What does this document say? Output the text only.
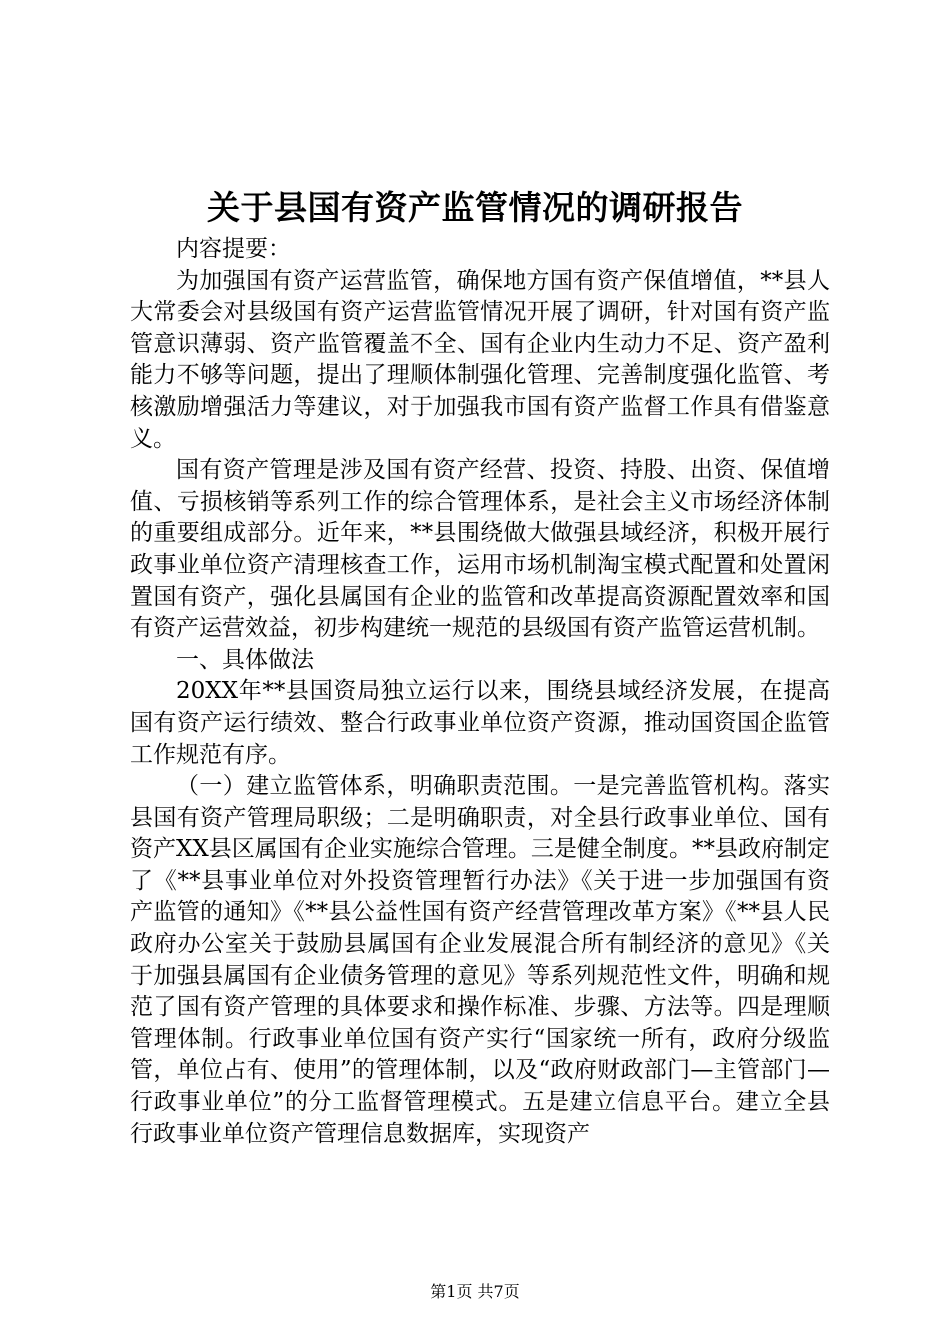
关于县国有资产监管情况的调研报告

内容提要：

为加强国有资产运营监管，确保地方国有资产保值增值，**县人大常委会对县级国有资产运营监管情况开展了调研，针对国有资产监管意识薄弱、资产监管覆盖不全、国有企业内生动力不足、资产盈利能力不够等问题，提出了理顺体制强化管理、完善制度强化监管、考核激励增强活力等建议，对于加强我市国有资产监督工作具有借鉴意义。

国有资产管理是涉及国有资产经营、投资、持股、出资、保值增值、亏损核销等系列工作的综合管理体系，是社会主义市场经济体制的重要组成部分。近年来，**县围绕做大做强县域经济，积极开展行政事业单位资产清理核查工作，运用市场机制淘宝模式配置和处置闲置国有资产，强化县属国有企业的监管和改革提高资源配置效率和国有资产运营效益，初步构建统一规范的县级国有资产监管运营机制。

一、具体做法

20XX年**县国资局独立运行以来，围绕县域经济发展，在提高国有资产运行绩效、整合行政事业单位资产资源，推动国资国企监管工作规范有序。

（一）建立监管体系，明确职责范围。一是完善监管机构。落实县国有资产管理局职级；二是明确职责，对全县行政事业单位、国有资产XX县区属国有企业实施综合管理。三是健全制度。**县政府制定了《**县事业单位对外投资管理暂行办法》《关于进一步加强国有资产监管的通知》《**县公益性国有资产经营管理改革方案》《**县人民政府办公室关于鼓励县属国有企业发展混合所有制经济的意见》《关于加强县属国有企业债务管理的意见》等系列规范性文件，明确和规范了国有资产管理的具体要求和操作标准、步骤、方法等。四是理顺管理体制。行政事业单位国有资产实行“国家统一所有，政府分级监管，单位占有、使用”的管理体制，以及“政府财政部门—主管部门—行政事业单位”的分工监督管理模式。五是建立信息平台。建立全县行政事业单位资产管理信息数据库，实现资产

第1页 共7页
